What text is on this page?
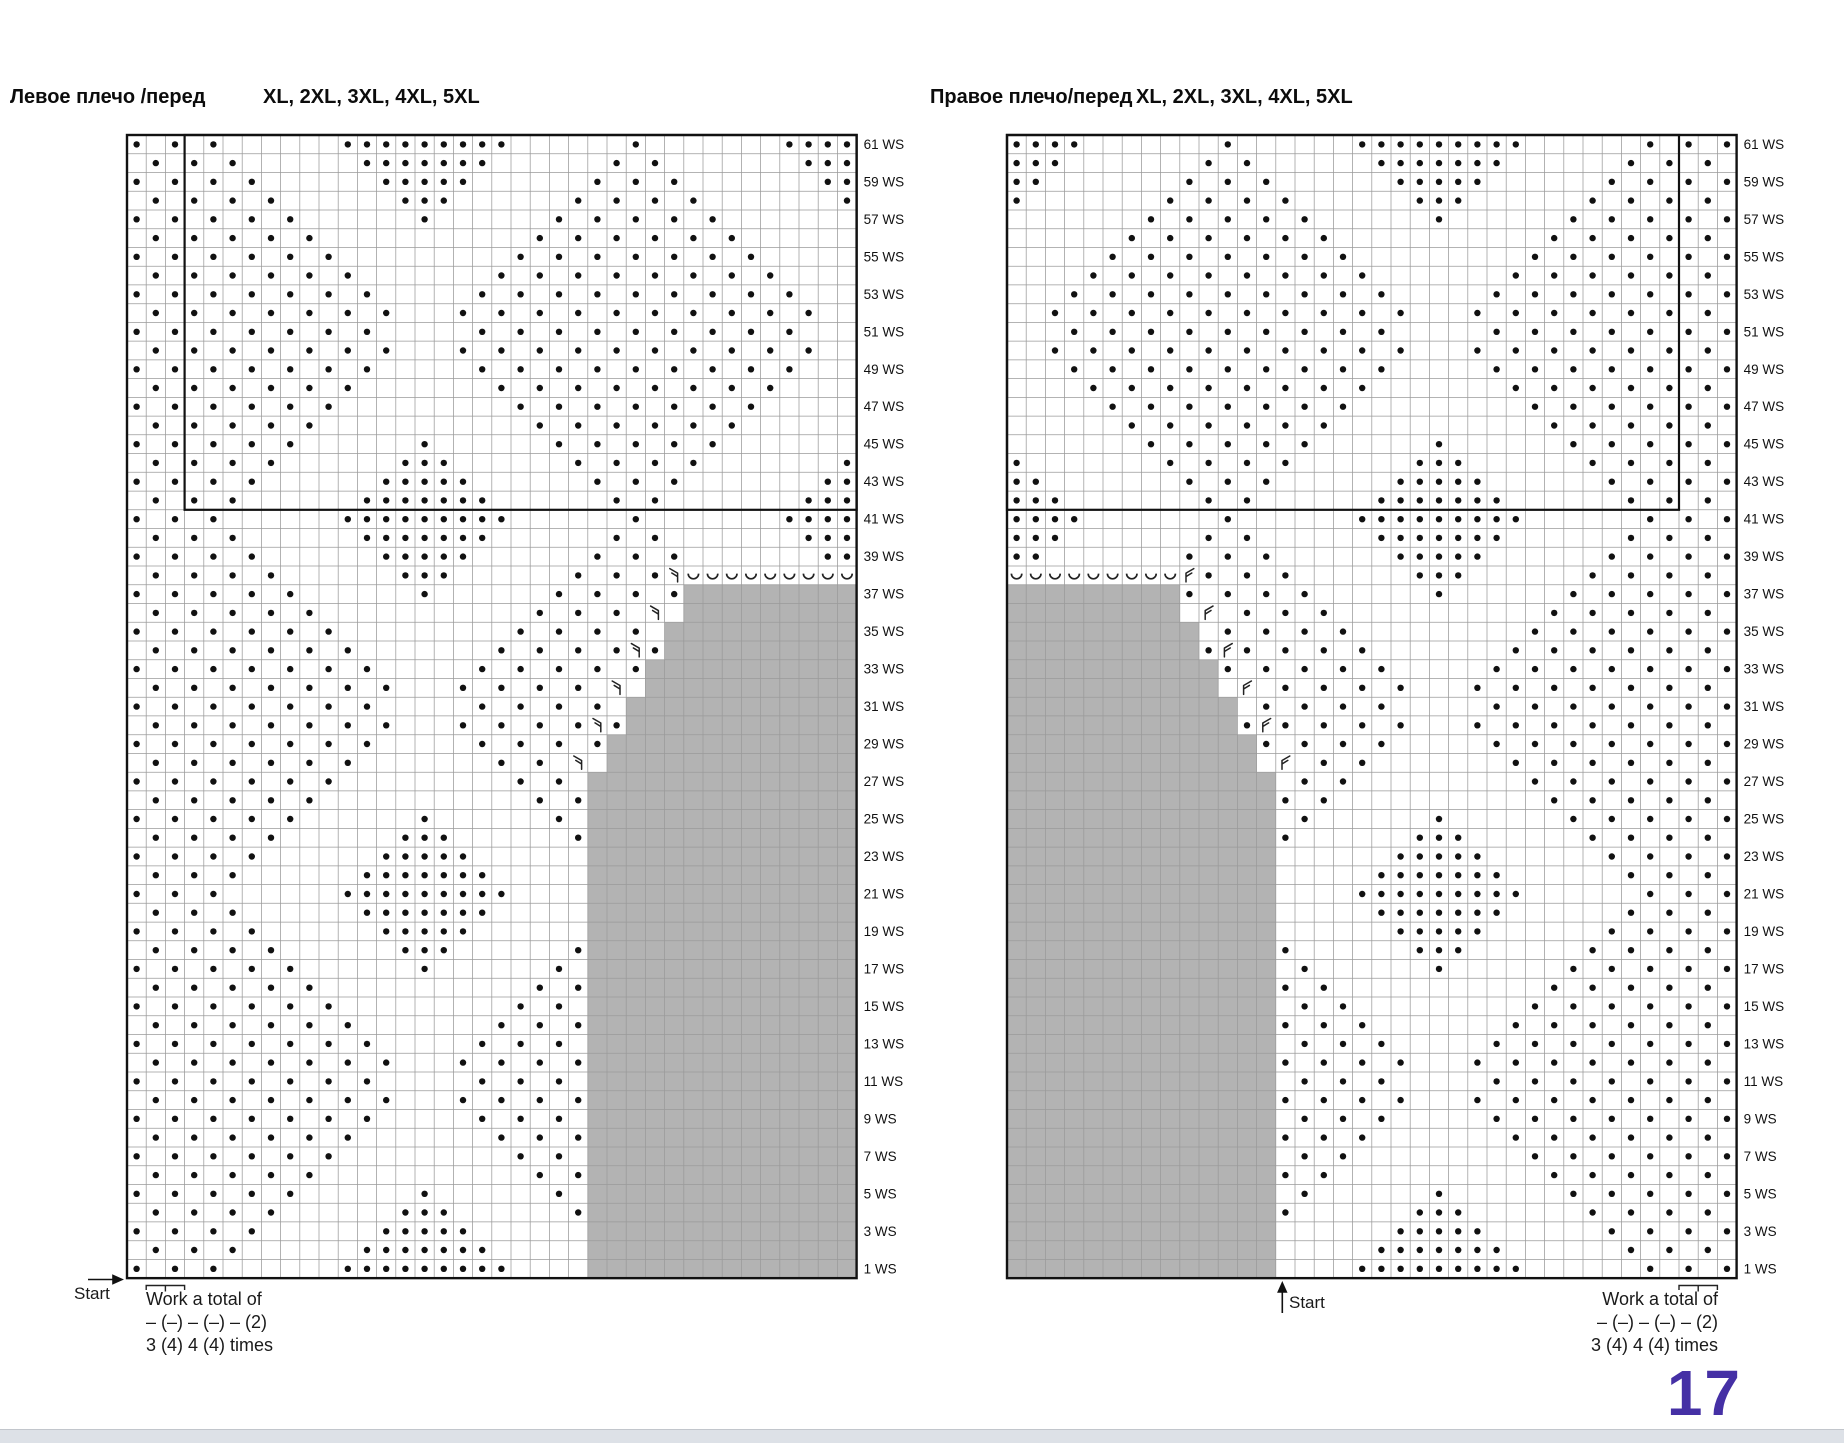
Левое плечо /перед	XL, 2XL, 3XL, 4XL, 5XL	Правое плечо/перед XL, 2XL, 3XL, 4XL, 5XL
61 WS
59 WS
57 WS
55 WS
53 WS
51 WS
49 WS
47 WS
45 WS
43 WS
41 WS
39 WS
37 WS
35 WS
33 WS
31 WS
29 WS
27 WS
25 WS
23 WS
21 WS
19 WS
17 WS
15 WS
13 WS
11 WS
9 WS
7 WS
5 WS
3 WS
1 WS
61 WS
59 WS
57 WS
55 WS
53 WS
51 WS
49 WS
47 WS
45 WS
43 WS
41 WS
39 WS
37 WS
35 WS
33 WS
31 WS
29 WS
27 WS
25 WS
23 WS
21 WS
19 WS
17 WS
15 WS
13 WS
11 WS
9 WS
7 WS
5 WS
3 WS
1 WS
Start	Start
Work a total of
– (–) – (–) – (2)
3 (4) 4 (4) times
Work a total of
– (–) – (–) – (2)
3 (4) 4 (4) times
17
